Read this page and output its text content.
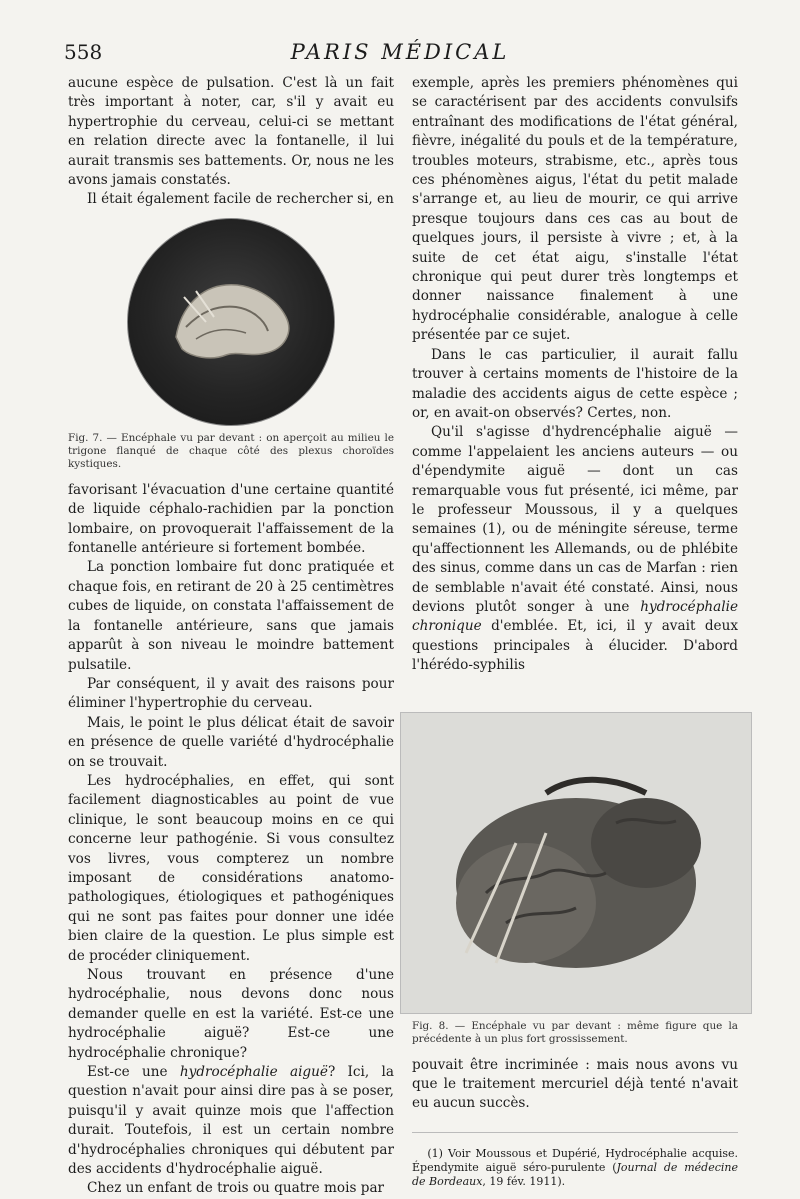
558	PARIS MÉDICAL

aucune espèce de pulsation. C'est là un fait très important à noter, car, s'il y avait eu hypertrophie du cerveau, celui-ci se mettant en relation directe avec la fontanelle, il lui aurait transmis ses battements. Or, nous ne les avons jamais constatés.

Il était également facile de rechercher si, en

Fig. 7. — Encéphale vu par devant : on aperçoit au milieu le trigone flanqué de chaque côté des plexus choroïdes kystiques.

favorisant l'évacuation d'une certaine quantité de liquide céphalo-rachidien par la ponction lombaire, on provoquerait l'affaissement de la fontanelle antérieure si fortement bombée.

La ponction lombaire fut donc pratiquée et chaque fois, en retirant de 20 à 25 centimètres cubes de liquide, on constata l'affaissement de la fontanelle antérieure, sans que jamais apparût à son niveau le moindre battement pulsatile.

Par conséquent, il y avait des raisons pour éliminer l'hypertrophie du cerveau.

Mais, le point le plus délicat était de savoir en présence de quelle variété d'hydrocéphalie on se trouvait.

Les hydrocéphalies, en effet, qui sont facilement diagnosticables au point de vue clinique, le sont beaucoup moins en ce qui concerne leur pathogénie. Si vous consultez vos livres, vous compterez un nombre imposant de considérations anatomo-pathologiques, étiologiques et pathogéniques qui ne sont pas faites pour donner une idée bien claire de la question. Le plus simple est de procéder cliniquement.

Nous trouvant en présence d'une hydrocéphalie, nous devons donc nous demander quelle en est la variété. Est-ce une hydrocéphalie aiguë? Est-ce une hydrocéphalie chronique?

Est-ce une hydrocéphalie aiguë? Ici, la question n'avait pour ainsi dire pas à se poser, puisqu'il y avait quinze mois que l'affection durait. Toutefois, il est un certain nombre d'hydrocéphalies chroniques qui débutent par des accidents d'hydrocéphalie aiguë.

Chez un enfant de trois ou quatre mois par

exemple, après les premiers phénomènes qui se caractérisent par des accidents convulsifs entraînant des modifications de l'état général, fièvre, inégalité du pouls et de la température, troubles moteurs, strabisme, etc., après tous ces phénomènes aigus, l'état du petit malade s'arrange et, au lieu de mourir, ce qui arrive presque toujours dans ces cas au bout de quelques jours, il persiste à vivre ; et, à la suite de cet état aigu, s'installe l'état chronique qui peut durer très longtemps et donner naissance finalement à une hydrocéphalie considérable, analogue à celle présentée par ce sujet.

Dans le cas particulier, il aurait fallu trouver à certains moments de l'histoire de la maladie des accidents aigus de cette espèce ; or, en avait-on observés? Certes, non.

Qu'il s'agisse d'hydrencéphalie aiguë — comme l'appelaient les anciens auteurs — ou d'épendymite aiguë — dont un cas remarquable vous fut présenté, ici même, par le professeur Moussous, il y a quelques semaines (1), ou de méningite séreuse, terme qu'affectionnent les Allemands, ou de phlébite des sinus, comme dans un cas de Marfan : rien de semblable n'avait été constaté. Ainsi, nous devions plutôt songer à une hydrocéphalie chronique d'emblée. Et, ici, il y avait deux questions principales à élucider. D'abord l'hérédo-syphilis

Fig. 8. — Encéphale vu par devant : même figure que la précédente à un plus fort grossissement.

pouvait être incriminée : mais nous avons vu que le traitement mercuriel déjà tenté n'avait eu aucun succès.

(1) Voir Moussous et Dupérié, Hydrocéphalie acquise. Épendymite aiguë séro-purulente (Journal de médecine de Bordeaux, 19 fév. 1911).
